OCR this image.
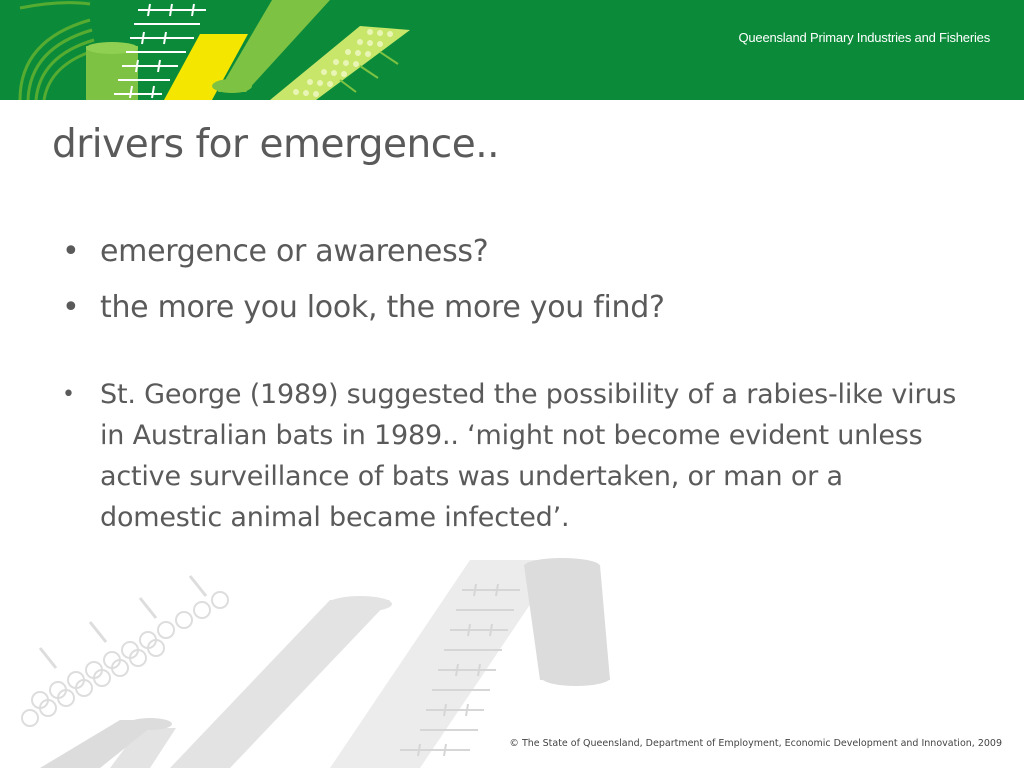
Queensland Primary Industries and Fisheries
drivers for emergence..
• emergence or awareness?
• the more you look, the more you find?
• St. George (1989) suggested the possibility of a rabies-like virus in Australian bats in 1989.. ‘might not become evident unless active surveillance of bats was undertaken, or man or a domestic animal became infected’.
© The State of Queensland, Department of Employment, Economic Development and Innovation, 2009
